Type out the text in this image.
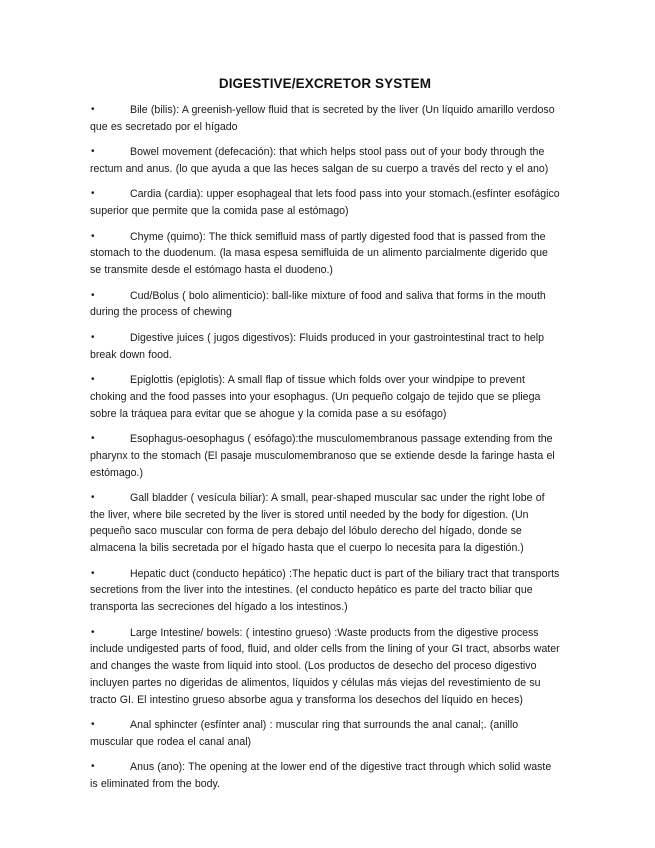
DIGESTIVE/EXCRETOR SYSTEM

•	Bile (bilis): A greenish-yellow fluid that is secreted by the liver (Un líquido amarillo verdoso que es secretado por el hígado

•	Bowel movement (defecación): that which helps stool pass out of your body through the rectum and anus. (lo que ayuda a que las heces salgan de su cuerpo a través del recto y el ano)

•	Cardia (cardia): upper esophageal that lets food pass into your stomach.(esfínter esofágico superior que permite que la comida pase al estómago)

•	Chyme (quimo): The thick semifluid mass of partly digested food that is passed from the stomach to the duodenum. (la masa espesa semifluida de un alimento parcialmente digerido que se transmite desde el estómago hasta el duodeno.)

•	Cud/Bolus ( bolo alimenticio): ball-like mixture of food and saliva that forms in the mouth during the process of chewing

•	Digestive juices ( jugos digestivos): Fluids produced in your gastrointestinal tract to help break down food.

•	Epiglottis (epiglotis): A small flap of tissue which folds over your windpipe to prevent choking and the food passes into your esophagus. (Un pequeño colgajo de tejido que se pliega sobre la tráquea para evitar que se ahogue y la comida pase a su esófago)

•	Esophagus-oesophagus ( esófago):the musculomembranous passage extending from the pharynx to the stomach (El pasaje musculomembranoso que se extiende desde la faringe hasta el estómago.)

•	Gall bladder ( vesícula biliar): A small, pear-shaped muscular sac under the right lobe of the liver, where bile secreted by the liver is stored until needed by the body for digestion. (Un pequeño saco muscular con forma de pera debajo del lóbulo derecho del hígado, donde se almacena la bilis secretada por el hígado hasta que el cuerpo lo necesita para la digestión.)

•	Hepatic duct (conducto hepático) :The hepatic duct is part of the biliary tract that transports secretions from the liver into the intestines. (el conducto hepático es parte del tracto biliar que transporta las secreciones del hígado a los intestinos.)

•	Large Intestine/ bowels: ( intestino grueso) :Waste products from the digestive process include undigested parts of food, fluid, and older cells from the lining of your GI tract, absorbs water and changes the waste from liquid into stool. (Los productos de desecho del proceso digestivo incluyen partes no digeridas de alimentos, líquidos y células más viejas del revestimiento de su tracto GI. El intestino grueso absorbe agua y transforma los desechos del líquido en heces)

•	Anal sphincter (esfínter anal) : muscular ring that surrounds the anal canal;. (anillo muscular que rodea el canal anal)

•	Anus (ano): The opening at the lower end of the digestive tract through which solid waste is eliminated from the body.
